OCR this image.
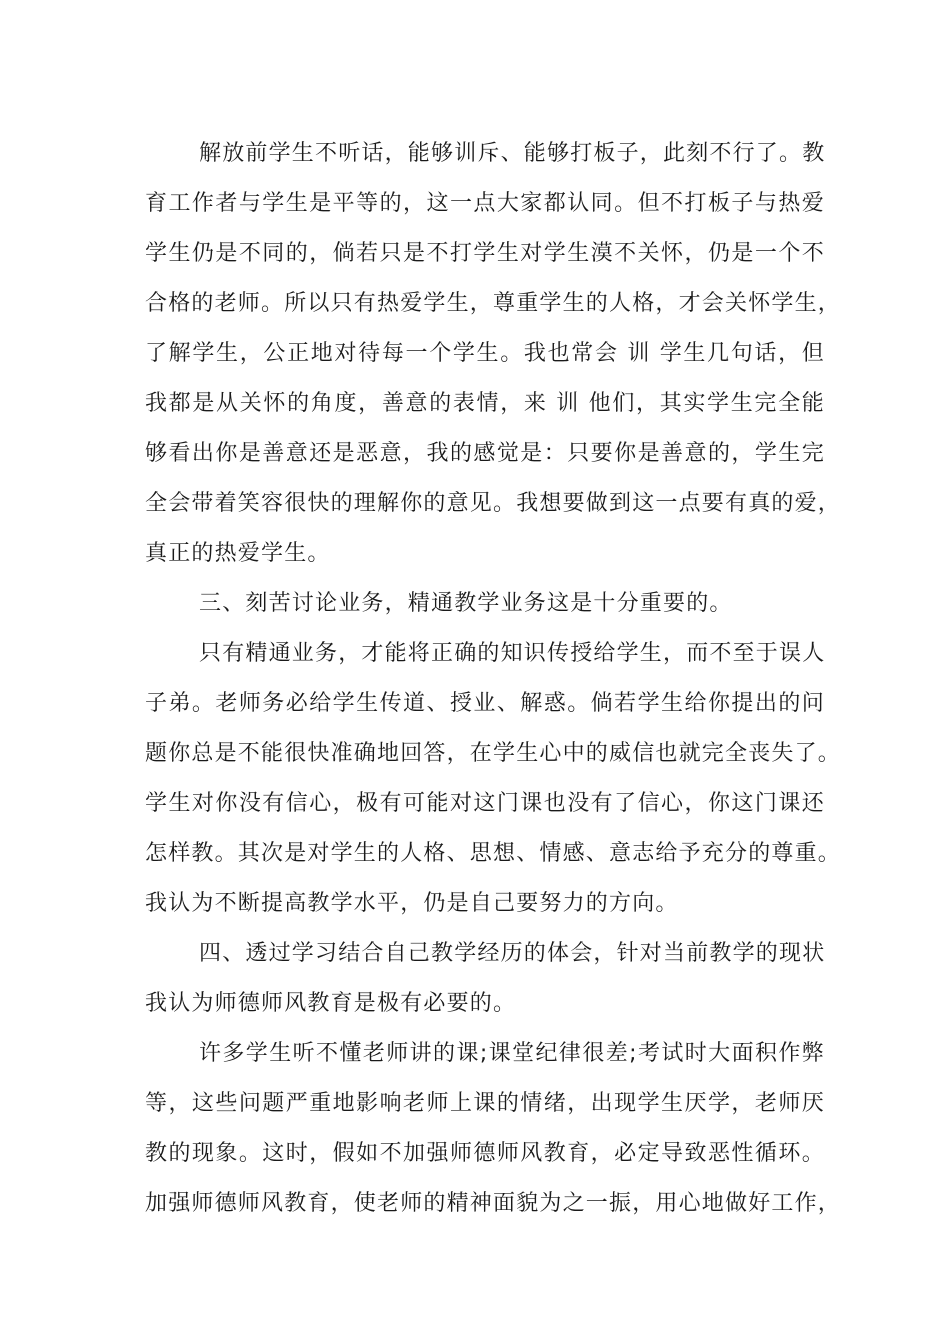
解放前学生不听话，能够训斥、能够打板子，此刻不行了。教
育工作者与学生是平等的，这一点大家都认同。但不打板子与热爱
学生仍是不同的，倘若只是不打学生对学生漠不关怀，仍是一个不
合格的老师。所以只有热爱学生，尊重学生的人格，才会关怀学生，
了解学生，公正地对待每一个学生。我也常会 训 学生几句话，但
我都是从关怀的角度，善意的表情，来 训 他们，其实学生完全能
够看出你是善意还是恶意，我的感觉是：只要你是善意的，学生完
全会带着笑容很快的理解你的意见。我想要做到这一点要有真的爱，
真正的热爱学生。
三、刻苦讨论业务，精通教学业务这是十分重要的。
只有精通业务，才能将正确的知识传授给学生，而不至于误人
子弟。老师务必给学生传道、授业、解惑。倘若学生给你提出的问
题你总是不能很快准确地回答，在学生心中的威信也就完全丧失了。
学生对你没有信心，极有可能对这门课也没有了信心，你这门课还
怎样教。其次是对学生的人格、思想、情感、意志给予充分的尊重。
我认为不断提高教学水平，仍是自己要努力的方向。
四、透过学习结合自己教学经历的体会，针对当前教学的现状
我认为师德师风教育是极有必要的。
许多学生听不懂老师讲的课;课堂纪律很差;考试时大面积作弊
等，这些问题严重地影响老师上课的情绪，出现学生厌学，老师厌
教的现象。这时，假如不加强师德师风教育，必定导致恶性循环。
加强师德师风教育，使老师的精神面貌为之一振，用心地做好工作，
